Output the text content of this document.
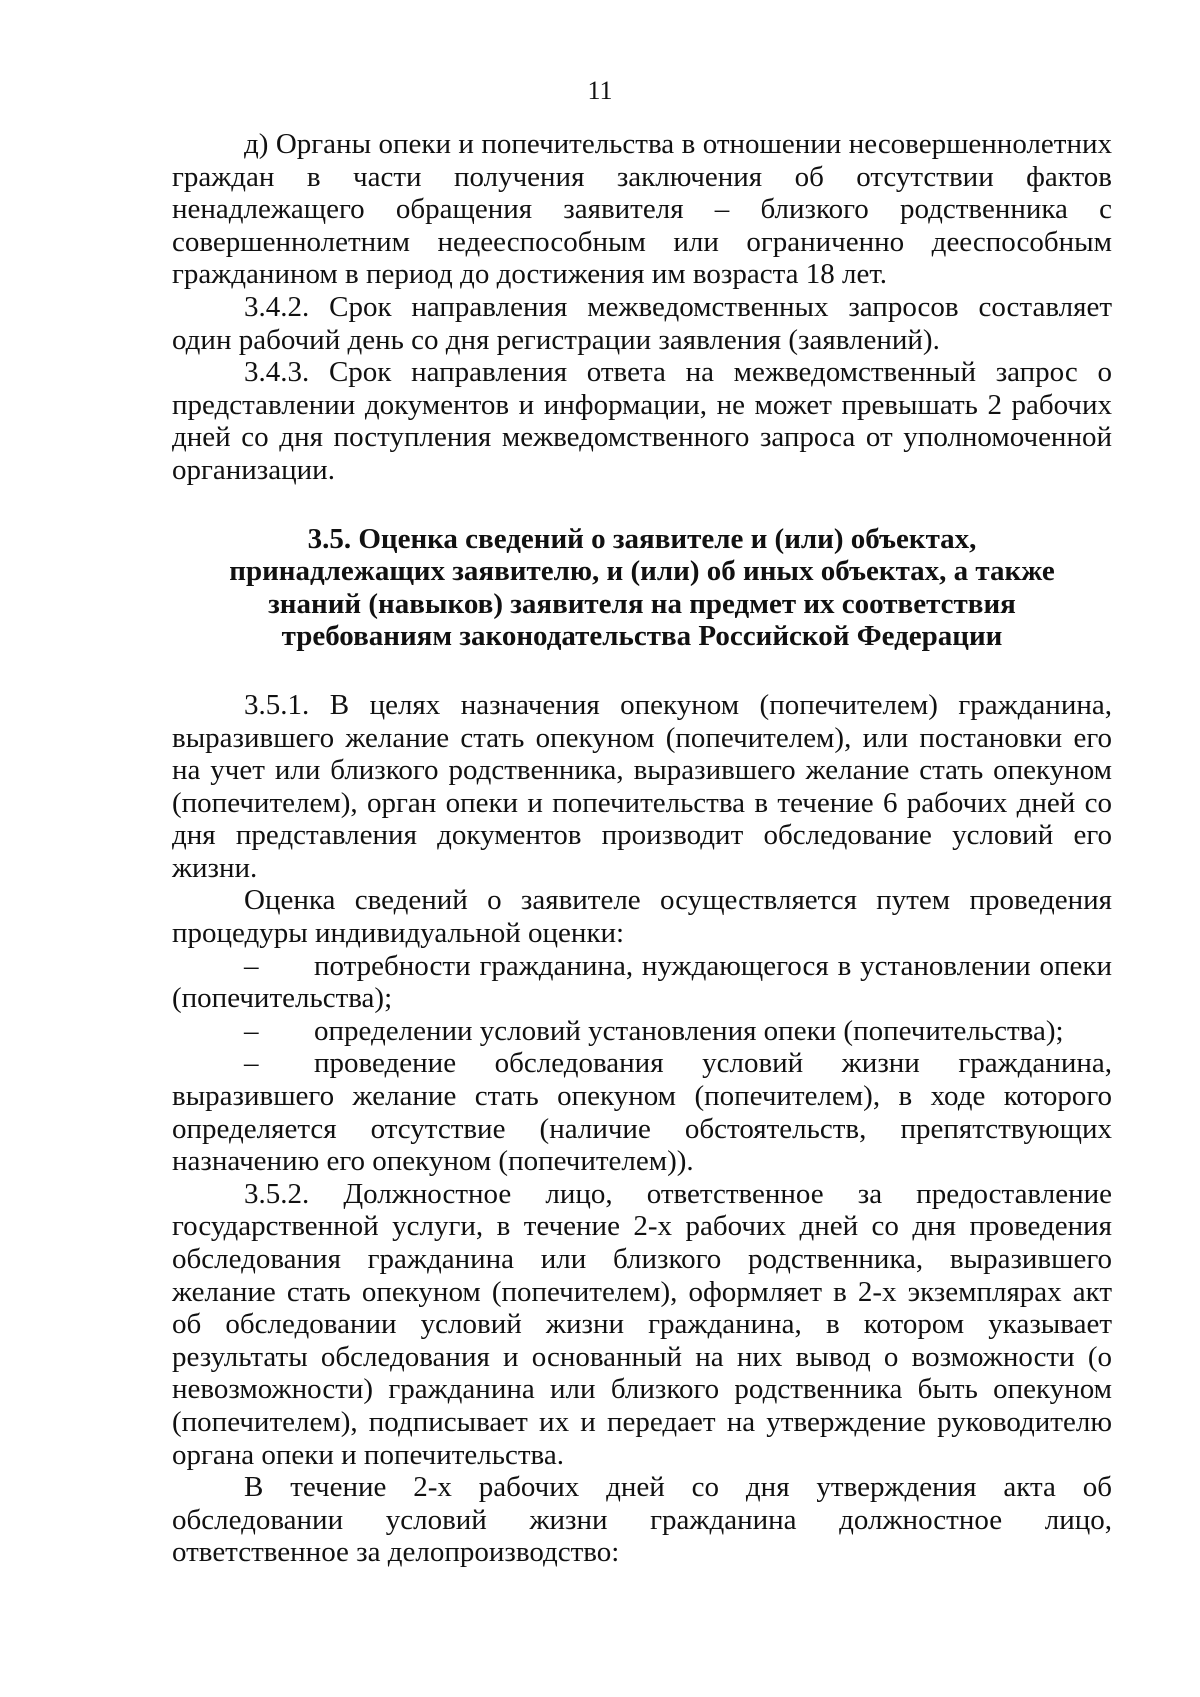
11

д) Органы опеки и попечительства в отношении несовершеннолетних граждан в части получения заключения об отсутствии фактов ненадлежащего обращения заявителя – близкого родственника с совершеннолетним недееспособным или ограниченно дееспособным гражданином в период до достижения им возраста 18 лет.

3.4.2. Срок направления межведомственных запросов составляет один рабочий день со дня регистрации заявления (заявлений).

3.4.3. Срок направления ответа на межведомственный запрос о представлении документов и информации, не может превышать 2 рабочих дней со дня поступления межведомственного запроса от уполномоченной организации.

3.5. Оценка сведений о заявителе и (или) объектах, принадлежащих заявителю, и (или) об иных объектах, а также знаний (навыков) заявителя на предмет их соответствия требованиям законодательства Российской Федерации

3.5.1. В целях назначения опекуном (попечителем) гражданина, выразившего желание стать опекуном (попечителем), или постановки его на учет или близкого родственника, выразившего желание стать опекуном (попечителем), орган опеки и попечительства в течение 6 рабочих дней со дня представления документов производит обследование условий его жизни.

Оценка сведений о заявителе осуществляется путем проведения процедуры индивидуальной оценки:

– потребности гражданина, нуждающегося в установлении опеки (попечительства);

– определении условий установления опеки (попечительства);

– проведение обследования условий жизни гражданина, выразившего желание стать опекуном (попечителем), в ходе которого определяется отсутствие (наличие обстоятельств, препятствующих назначению его опекуном (попечителем)).

3.5.2. Должностное лицо, ответственное за предоставление государственной услуги, в течение 2-х рабочих дней со дня проведения обследования гражданина или близкого родственника, выразившего желание стать опекуном (попечителем), оформляет в 2-х экземплярах акт об обследовании условий жизни гражданина, в котором указывает результаты обследования и основанный на них вывод о возможности (о невозможности) гражданина или близкого родственника быть опекуном (попечителем), подписывает их и передает на утверждение руководителю органа опеки и попечительства.

В течение 2-х рабочих дней со дня утверждения акта об обследовании условий жизни гражданина должностное лицо, ответственное за делопроизводство:
